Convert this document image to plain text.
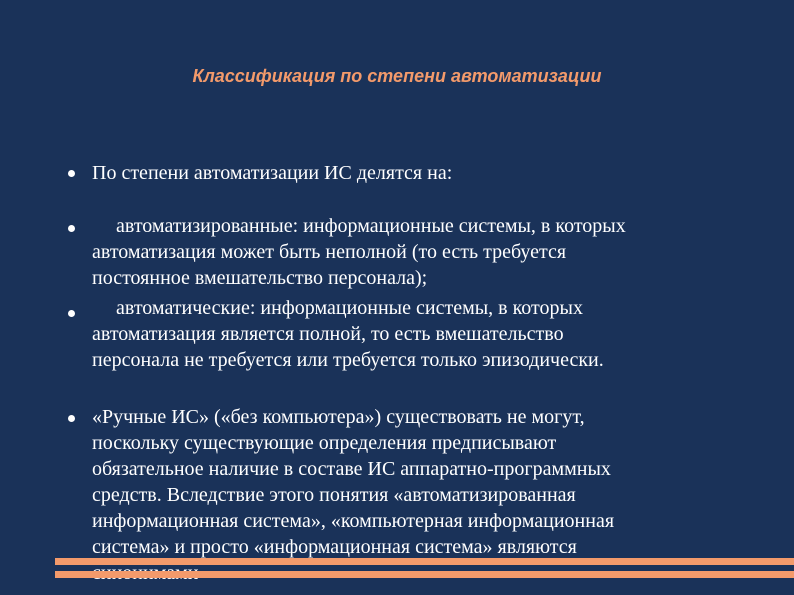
Классификация по степени автоматизации

По степени автоматизации ИС делятся на:

автоматизированные: информационные системы, в которых
автоматизация может быть неполной (то есть требуется
постоянное вмешательство персонала);

автоматические: информационные системы, в которых
автоматизация является полной, то есть вмешательство
персонала не требуется или требуется только эпизодически.

«Ручные ИС» («без компьютера») существовать не могут,
поскольку существующие определения предписывают
обязательное наличие в составе ИС аппаратно-программных
средств. Вследствие этого понятия «автоматизированная
информационная система», «компьютерная информационная
система» и просто «информационная система» являются
